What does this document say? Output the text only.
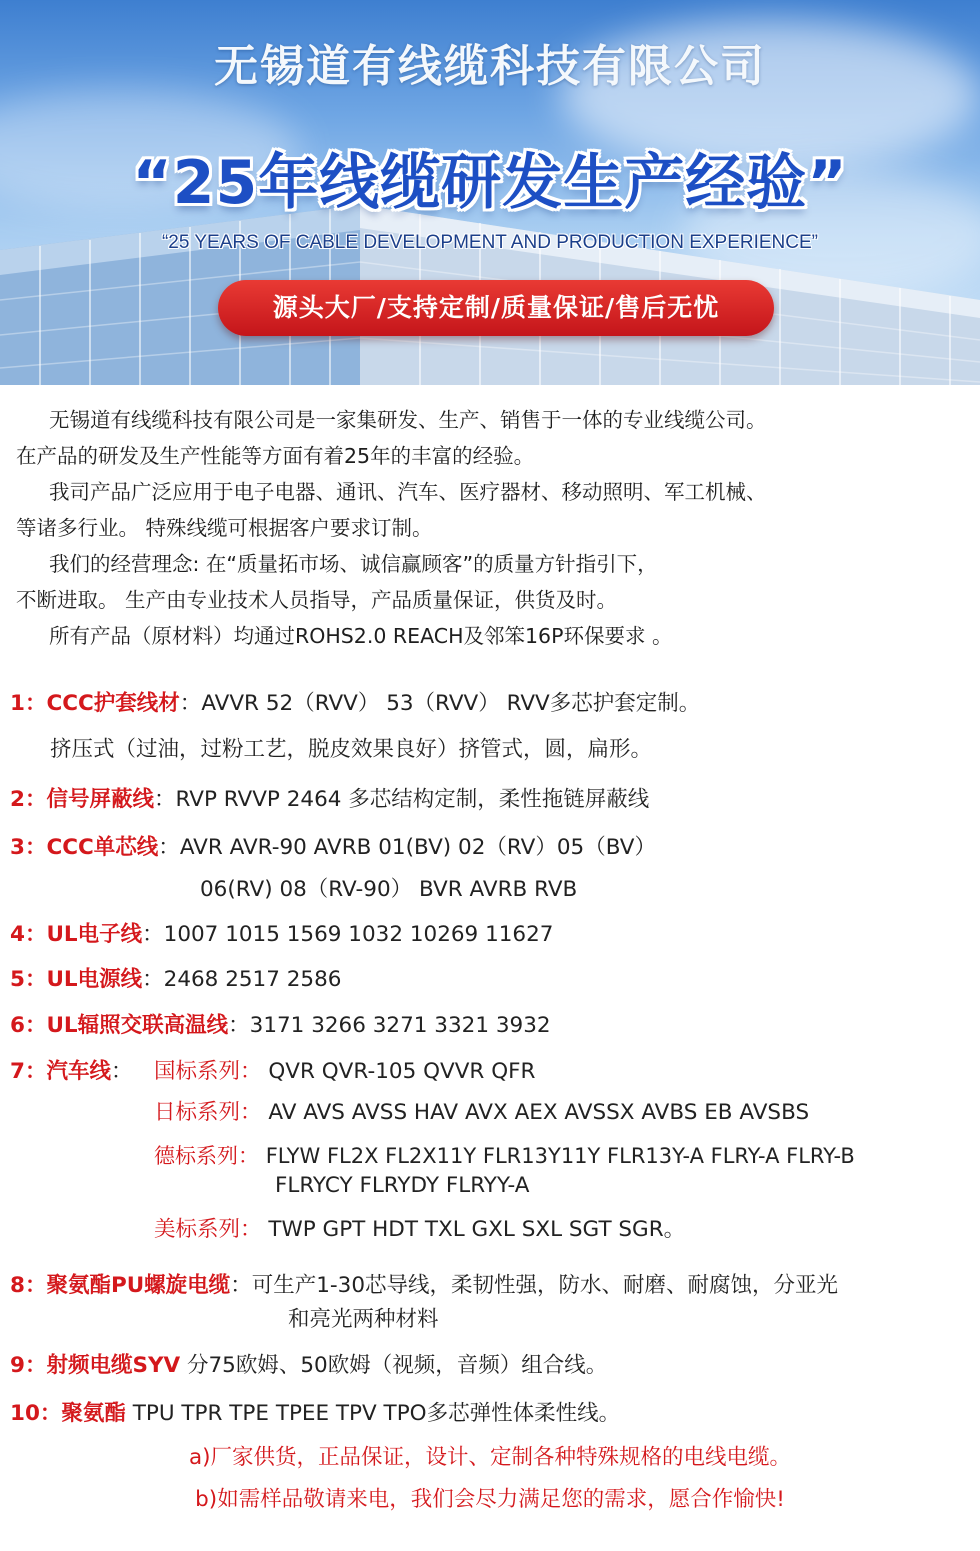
无锡道有线缆科技有限公司
“25年线缆研发生产经验”
“25 YEARS OF CABLE DEVELOPMENT AND PRODUCTION EXPERIENCE”
源头大厂/支持定制/质量保证/售后无忧

无锡道有线缆科技有限公司是一家集研发、生产、销售于一体的专业线缆公司。

在产品的研发及生产性能等方面有着25年的丰富的经验。

我司产品广泛应用于电子电器、通讯、汽车、医疗器材、移动照明、军工机械、

等诸多行业。 特殊线缆可根据客户要求订制。

我们的经营理念: 在“质量拓市场、诚信赢顾客”的质量方针指引下，

不断进取。 生产由专业技术人员指导，产品质量保证，供货及时。

所有产品（原材料）均通过ROHS2.0 REACH及邻笨16P环保要求 。

1：CCC护套线材：AVVR 52（RVV） 53（RVV） RVV多芯护套定制。
挤压式（过油，过粉工艺，脱皮效果良好）挤管式，圆，扁形。
2：信号屏蔽线：RVP RVVP 2464 多芯结构定制，柔性拖链屏蔽线
3：CCC单芯线：AVR AVR-90 AVRB 01(BV) 02（RV）05（BV）
06(RV) 08（RV-90） BVR AVRB RVB
4：UL电子线：1007 1015 1569 1032 10269 11627
5：UL电源线：2468 2517 2586
6：UL辐照交联高温线：3171 3266 3271 3321 3932
7：汽车线： 国标系列： QVR QVR-105 QVVR QFR
日标系列： AV AVS AVSS HAV AVX AEX AVSSX AVBS EB AVSBS
德标系列： FLYW FL2X FL2X11Y FLR13Y11Y FLR13Y-A FLRY-A FLRY-B
FLRYCY FLRYDY FLRYY-A
美标系列： TWP GPT HDT TXL GXL SXL SGT SGR。
8：聚氨酯PU螺旋电缆：可生产1-30芯导线，柔韧性强，防水、耐磨、耐腐蚀，分亚光
和亮光两种材料
9：射频电缆SYV 分75欧姆、50欧姆（视频，音频）组合线。
10：聚氨酯 TPU TPR TPE TPEE TPV TPO多芯弹性体柔性线。
a)厂家供货，正品保证，设计、定制各种特殊规格的电线电缆。
b)如需样品敬请来电，我们会尽力满足您的需求，愿合作愉快!
